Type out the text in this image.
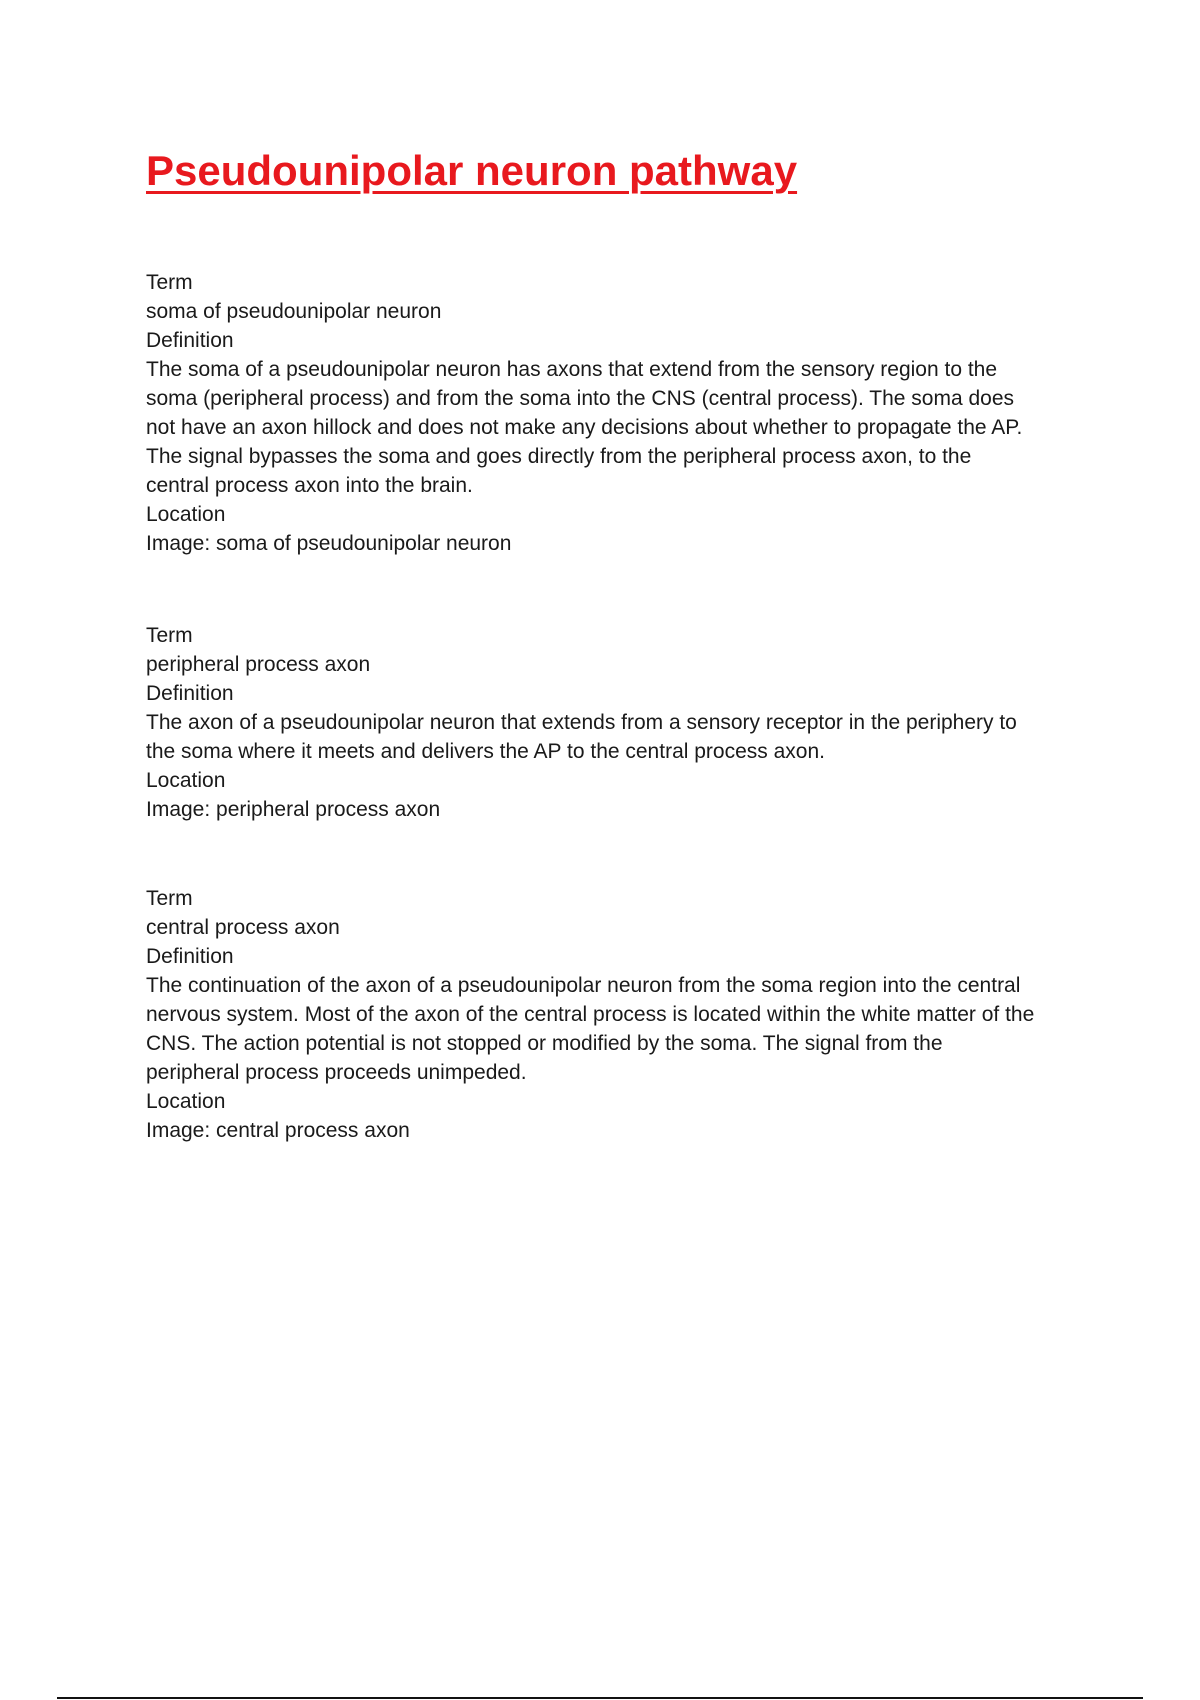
Pseudounipolar neuron pathway
Term
soma of pseudounipolar neuron
Definition
The soma of a pseudounipolar neuron has axons that extend from the sensory region to the
soma (peripheral process) and from the soma into the CNS (central process). The soma does
not have an axon hillock and does not make any decisions about whether to propagate the AP.
The signal bypasses the soma and goes directly from the peripheral process axon, to the
central process axon into the brain.
Location
Image: soma of pseudounipolar neuron
Term
peripheral process axon
Definition
The axon of a pseudounipolar neuron that extends from a sensory receptor in the periphery to
the soma where it meets and delivers the AP to the central process axon.
Location
Image: peripheral process axon
Term
central process axon
Definition
The continuation of the axon of a pseudounipolar neuron from the soma region into the central
nervous system. Most of the axon of the central process is located within the white matter of the
CNS. The action potential is not stopped or modified by the soma. The signal from the
peripheral process proceeds unimpeded.
Location
Image: central process axon
